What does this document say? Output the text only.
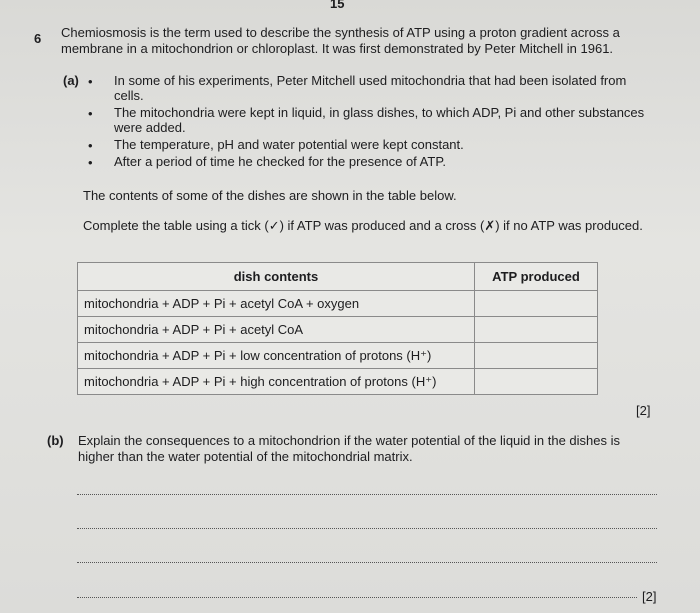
15
6 Chemiosmosis is the term used to describe the synthesis of ATP using a proton gradient across a membrane in a mitochondrion or chloroplast. It was first demonstrated by Peter Mitchell in 1961.
(a) • In some of his experiments, Peter Mitchell used mitochondria that had been isolated from cells.
• The mitochondria were kept in liquid, in glass dishes, to which ADP, Pi and other substances were added.
• The temperature, pH and water potential were kept constant.
• After a period of time he checked for the presence of ATP.
The contents of some of the dishes are shown in the table below.
Complete the table using a tick (✓) if ATP was produced and a cross (✗) if no ATP was produced.
dish contents	ATP produced
mitochondria + ADP + Pi + acetyl CoA + oxygen	
mitochondria + ADP + Pi + acetyl CoA	
mitochondria + ADP + Pi + low concentration of protons (H⁺)	
mitochondria + ADP + Pi + high concentration of protons (H⁺)	
[2]
(b) Explain the consequences to a mitochondrion if the water potential of the liquid in the dishes is higher than the water potential of the mitochondrial matrix.
[2]
